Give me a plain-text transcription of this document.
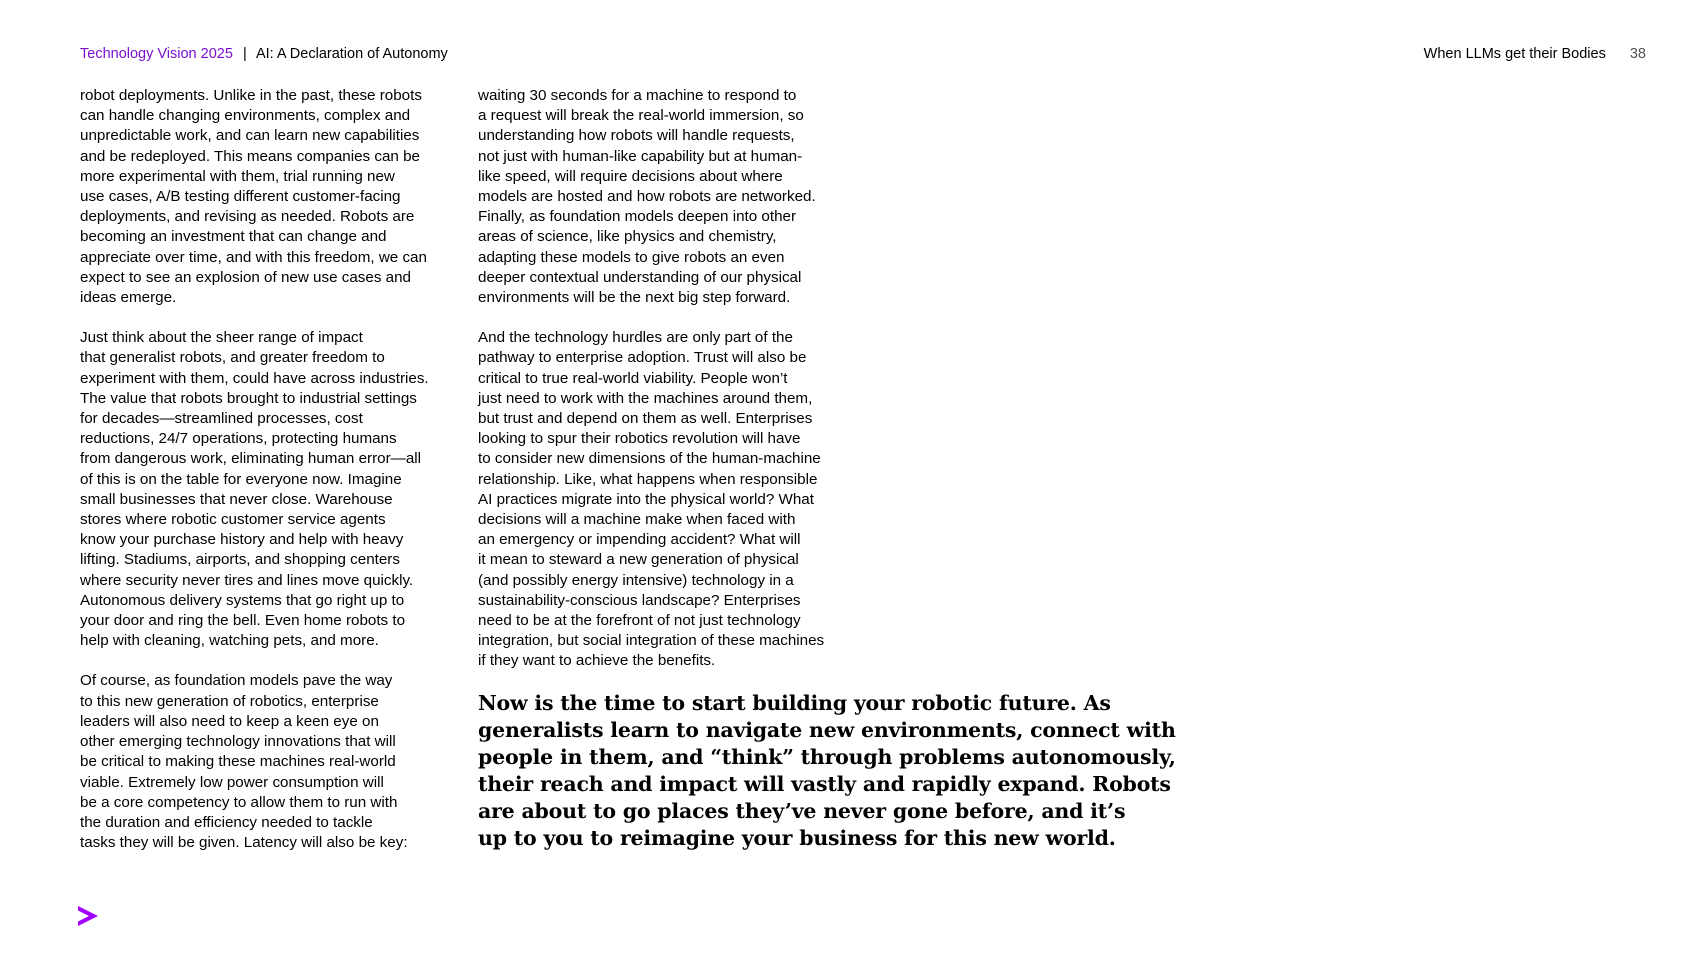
Technology Vision 2025 | AI: A Declaration of Autonomy	When LLMs get their Bodies 38
robot deployments. Unlike in the past, these robots
can handle changing environments, complex and
unpredictable work, and can learn new capabilities
and be redeployed. This means companies can be
more experimental with them, trial running new
use cases, A/B testing different customer-facing
deployments, and revising as needed. Robots are
becoming an investment that can change and
appreciate over time, and with this freedom, we can
expect to see an explosion of new use cases and
ideas emerge.
Just think about the sheer range of impact
that generalist robots, and greater freedom to
experiment with them, could have across industries.
The value that robots brought to industrial settings
for decades—streamlined processes, cost
reductions, 24/7 operations, protecting humans
from dangerous work, eliminating human error—all
of this is on the table for everyone now. Imagine
small businesses that never close. Warehouse
stores where robotic customer service agents
know your purchase history and help with heavy
lifting. Stadiums, airports, and shopping centers
where security never tires and lines move quickly.
Autonomous delivery systems that go right up to
your door and ring the bell. Even home robots to
help with cleaning, watching pets, and more.
Of course, as foundation models pave the way
to this new generation of robotics, enterprise
leaders will also need to keep a keen eye on
other emerging technology innovations that will
be critical to making these machines real-world
viable. Extremely low power consumption will
be a core competency to allow them to run with
the duration and efficiency needed to tackle
tasks they will be given. Latency will also be key:
waiting 30 seconds for a machine to respond to
a request will break the real-world immersion, so
understanding how robots will handle requests,
not just with human-like capability but at human-
like speed, will require decisions about where
models are hosted and how robots are networked.
Finally, as foundation models deepen into other
areas of science, like physics and chemistry,
adapting these models to give robots an even
deeper contextual understanding of our physical
environments will be the next big step forward.
And the technology hurdles are only part of the
pathway to enterprise adoption. Trust will also be
critical to true real-world viability. People won’t
just need to work with the machines around them,
but trust and depend on them as well. Enterprises
looking to spur their robotics revolution will have
to consider new dimensions of the human-machine
relationship. Like, what happens when responsible
AI practices migrate into the physical world? What
decisions will a machine make when faced with
an emergency or impending accident? What will
it mean to steward a new generation of physical
(and possibly energy intensive) technology in a
sustainability-conscious landscape? Enterprises
need to be at the forefront of not just technology
integration, but social integration of these machines
if they want to achieve the benefits.
Now is the time to start building your robotic future. As
generalists learn to navigate new environments, connect with
people in them, and “think” through problems autonomously,
their reach and impact will vastly and rapidly expand. Robots
are about to go places they’ve never gone before, and it’s
up to you to reimagine your business for this new world.
